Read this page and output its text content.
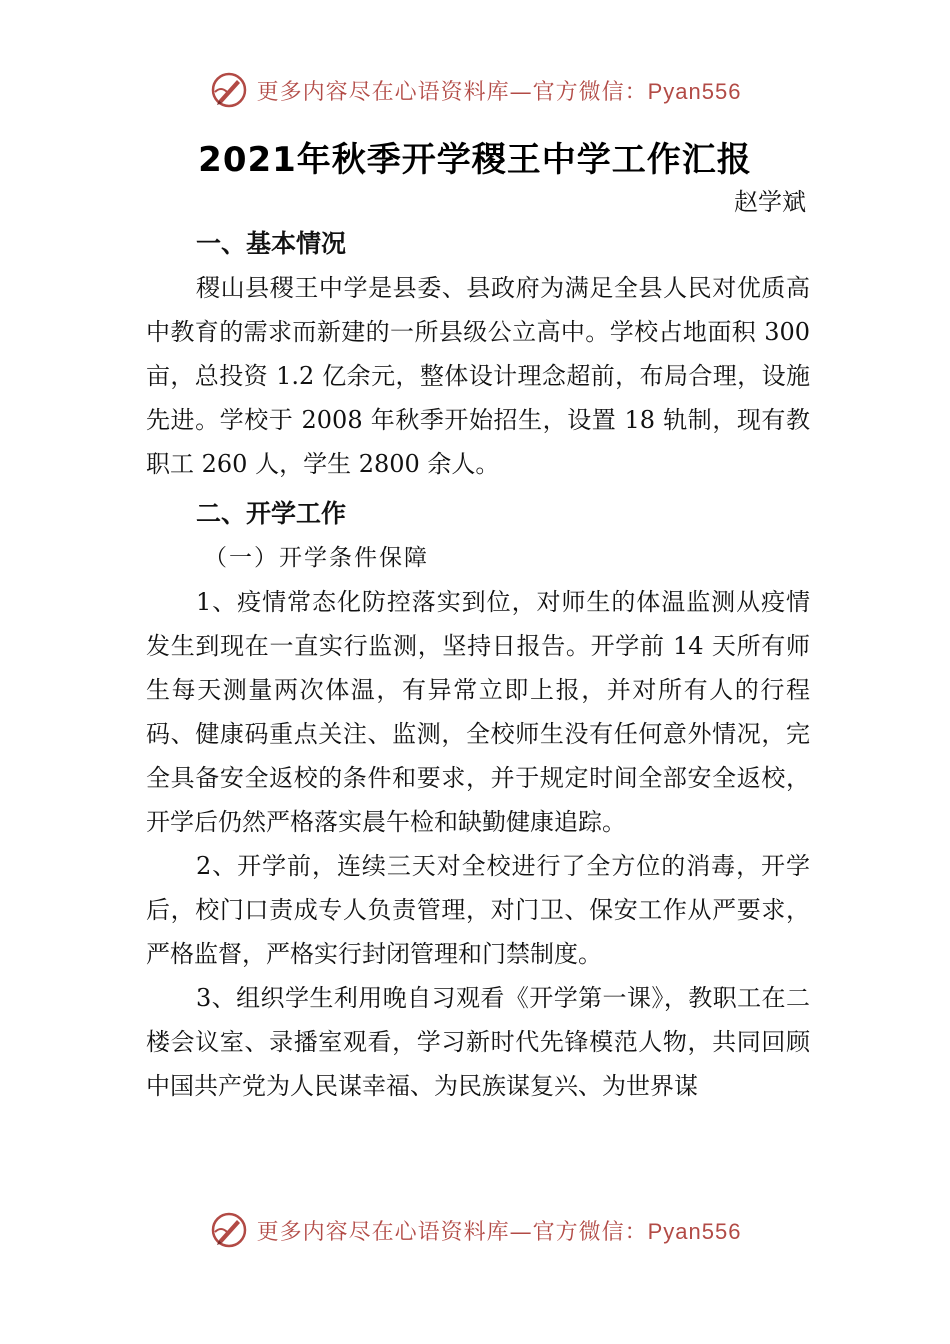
更多内容尽在心语资料库—官方微信：Pyan556
2021年秋季开学稷王中学工作汇报
赵学斌

一、基本情况

稷山县稷王中学是县委、县政府为满足全县人民对优质高中教育的需求而新建的一所县级公立高中。学校占地面积 300 亩，总投资 1.2 亿余元，整体设计理念超前，布局合理，设施先进。学校于 2008 年秋季开始招生，设置 18 轨制，现有教职工 260 人，学生 2800 余人。

二、开学工作

（一）开学条件保障

1、疫情常态化防控落实到位，对师生的体温监测从疫情发生到现在一直实行监测，坚持日报告。开学前 14 天所有师生每天测量两次体温，有异常立即上报，并对所有人的行程码、健康码重点关注、监测，全校师生没有任何意外情况，完全具备安全返校的条件和要求，并于规定时间全部安全返校，开学后仍然严格落实晨午检和缺勤健康追踪。

2、开学前，连续三天对全校进行了全方位的消毒，开学后，校门口责成专人负责管理，对门卫、保安工作从严要求，严格监督，严格实行封闭管理和门禁制度。

3、组织学生利用晚自习观看《开学第一课》，教职工在二楼会议室、录播室观看，学习新时代先锋模范人物，共同回顾中国共产党为人民谋幸福、为民族谋复兴、为世界谋

更多内容尽在心语资料库—官方微信：Pyan556
